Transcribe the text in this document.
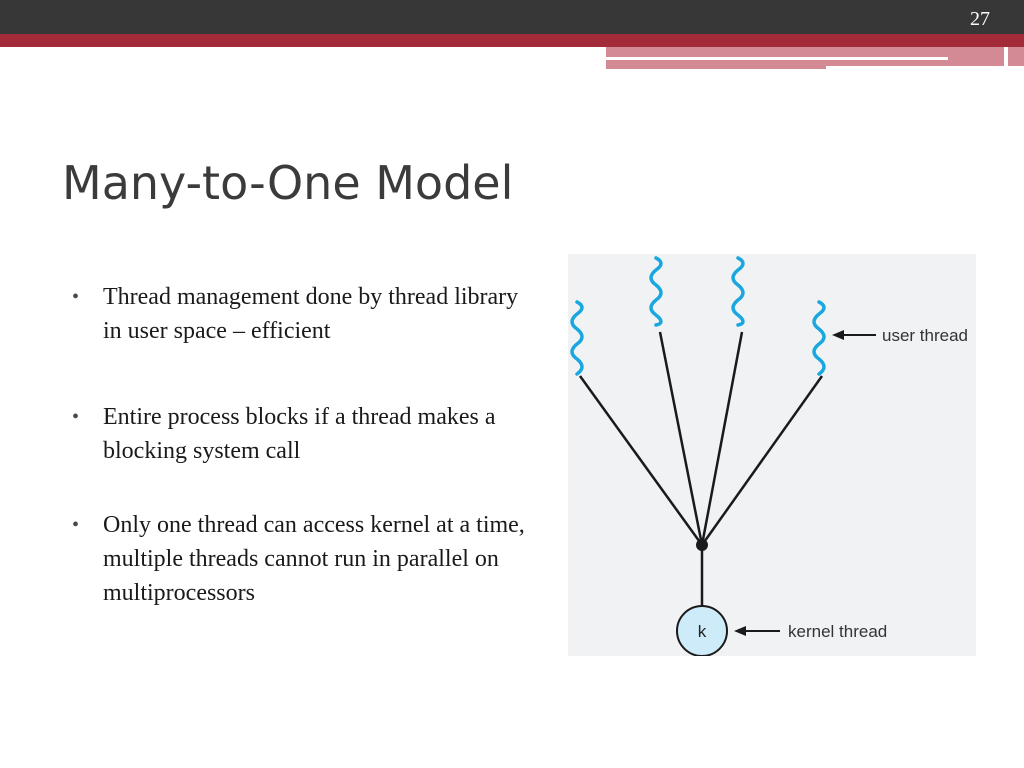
27
Many-to-One Model
• Thread management done by thread library in user space – efficient
• Entire process blocks if a thread makes a blocking system call
• Only one thread can access kernel at a time, multiple threads cannot run in parallel on multiprocessors
user thread
k	kernel thread
